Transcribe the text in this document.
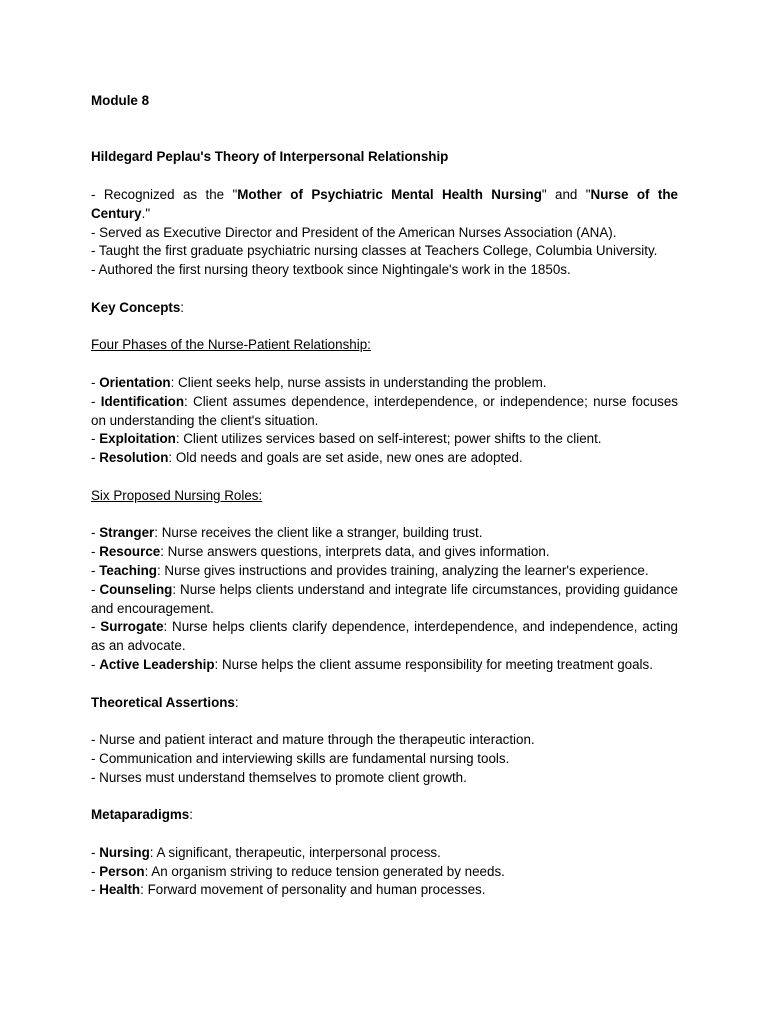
Module 8

Hildegard Peplau's Theory of Interpersonal Relationship

- Recognized as the "Mother of Psychiatric Mental Health Nursing" and "Nurse of the Century."

- Served as Executive Director and President of the American Nurses Association (ANA).

- Taught the first graduate psychiatric nursing classes at Teachers College, Columbia University.

- Authored the first nursing theory textbook since Nightingale's work in the 1850s.

Key Concepts:

Four Phases of the Nurse-Patient Relationship:

- Orientation: Client seeks help, nurse assists in understanding the problem.

- Identification: Client assumes dependence, interdependence, or independence; nurse focuses on understanding the client's situation.

- Exploitation: Client utilizes services based on self-interest; power shifts to the client.

- Resolution: Old needs and goals are set aside, new ones are adopted.

Six Proposed Nursing Roles:

- Stranger: Nurse receives the client like a stranger, building trust.

- Resource: Nurse answers questions, interprets data, and gives information.

- Teaching: Nurse gives instructions and provides training, analyzing the learner's experience.

- Counseling: Nurse helps clients understand and integrate life circumstances, providing guidance and encouragement.

- Surrogate: Nurse helps clients clarify dependence, interdependence, and independence, acting as an advocate.

- Active Leadership: Nurse helps the client assume responsibility for meeting treatment goals.

Theoretical Assertions:

- Nurse and patient interact and mature through the therapeutic interaction.

- Communication and interviewing skills are fundamental nursing tools.

- Nurses must understand themselves to promote client growth.

Metaparadigms:

- Nursing: A significant, therapeutic, interpersonal process.

- Person: An organism striving to reduce tension generated by needs.

- Health: Forward movement of personality and human processes.
